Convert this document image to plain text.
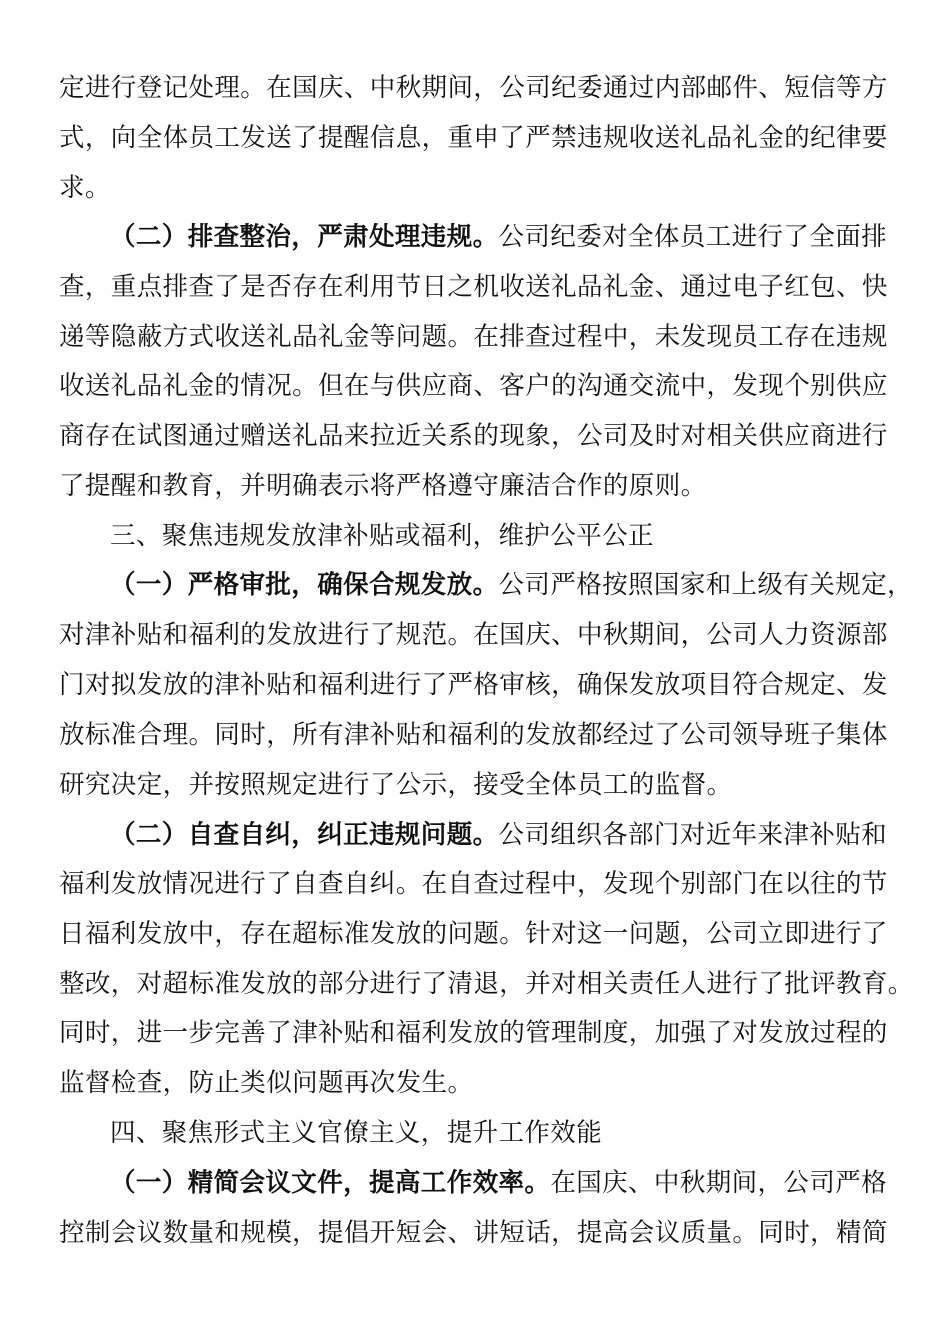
定进行登记处理。在国庆、中秋期间，公司纪委通过内部邮件、短信等方

式，向全体员工发送了提醒信息，重申了严禁违规收送礼品礼金的纪律要

求。

（二）排查整治，严肃处理违规。公司纪委对全体员工进行了全面排

查，重点排查了是否存在利用节日之机收送礼品礼金、通过电子红包、快

递等隐蔽方式收送礼品礼金等问题。在排查过程中，未发现员工存在违规

收送礼品礼金的情况。但在与供应商、客户的沟通交流中，发现个别供应

商存在试图通过赠送礼品来拉近关系的现象，公司及时对相关供应商进行

了提醒和教育，并明确表示将严格遵守廉洁合作的原则。

三、聚焦违规发放津补贴或福利，维护公平公正

（一）严格审批，确保合规发放。公司严格按照国家和上级有关规定，

对津补贴和福利的发放进行了规范。在国庆、中秋期间，公司人力资源部

门对拟发放的津补贴和福利进行了严格审核，确保发放项目符合规定、发

放标准合理。同时，所有津补贴和福利的发放都经过了公司领导班子集体

研究决定，并按照规定进行了公示，接受全体员工的监督。

（二）自查自纠，纠正违规问题。公司组织各部门对近年来津补贴和

福利发放情况进行了自查自纠。在自查过程中，发现个别部门在以往的节

日福利发放中，存在超标准发放的问题。针对这一问题，公司立即进行了

整改，对超标准发放的部分进行了清退，并对相关责任人进行了批评教育。

同时，进一步完善了津补贴和福利发放的管理制度，加强了对发放过程的

监督检查，防止类似问题再次发生。

四、聚焦形式主义官僚主义，提升工作效能

（一）精简会议文件，提高工作效率。在国庆、中秋期间，公司严格

控制会议数量和规模，提倡开短会、讲短话，提高会议质量。同时，精简
